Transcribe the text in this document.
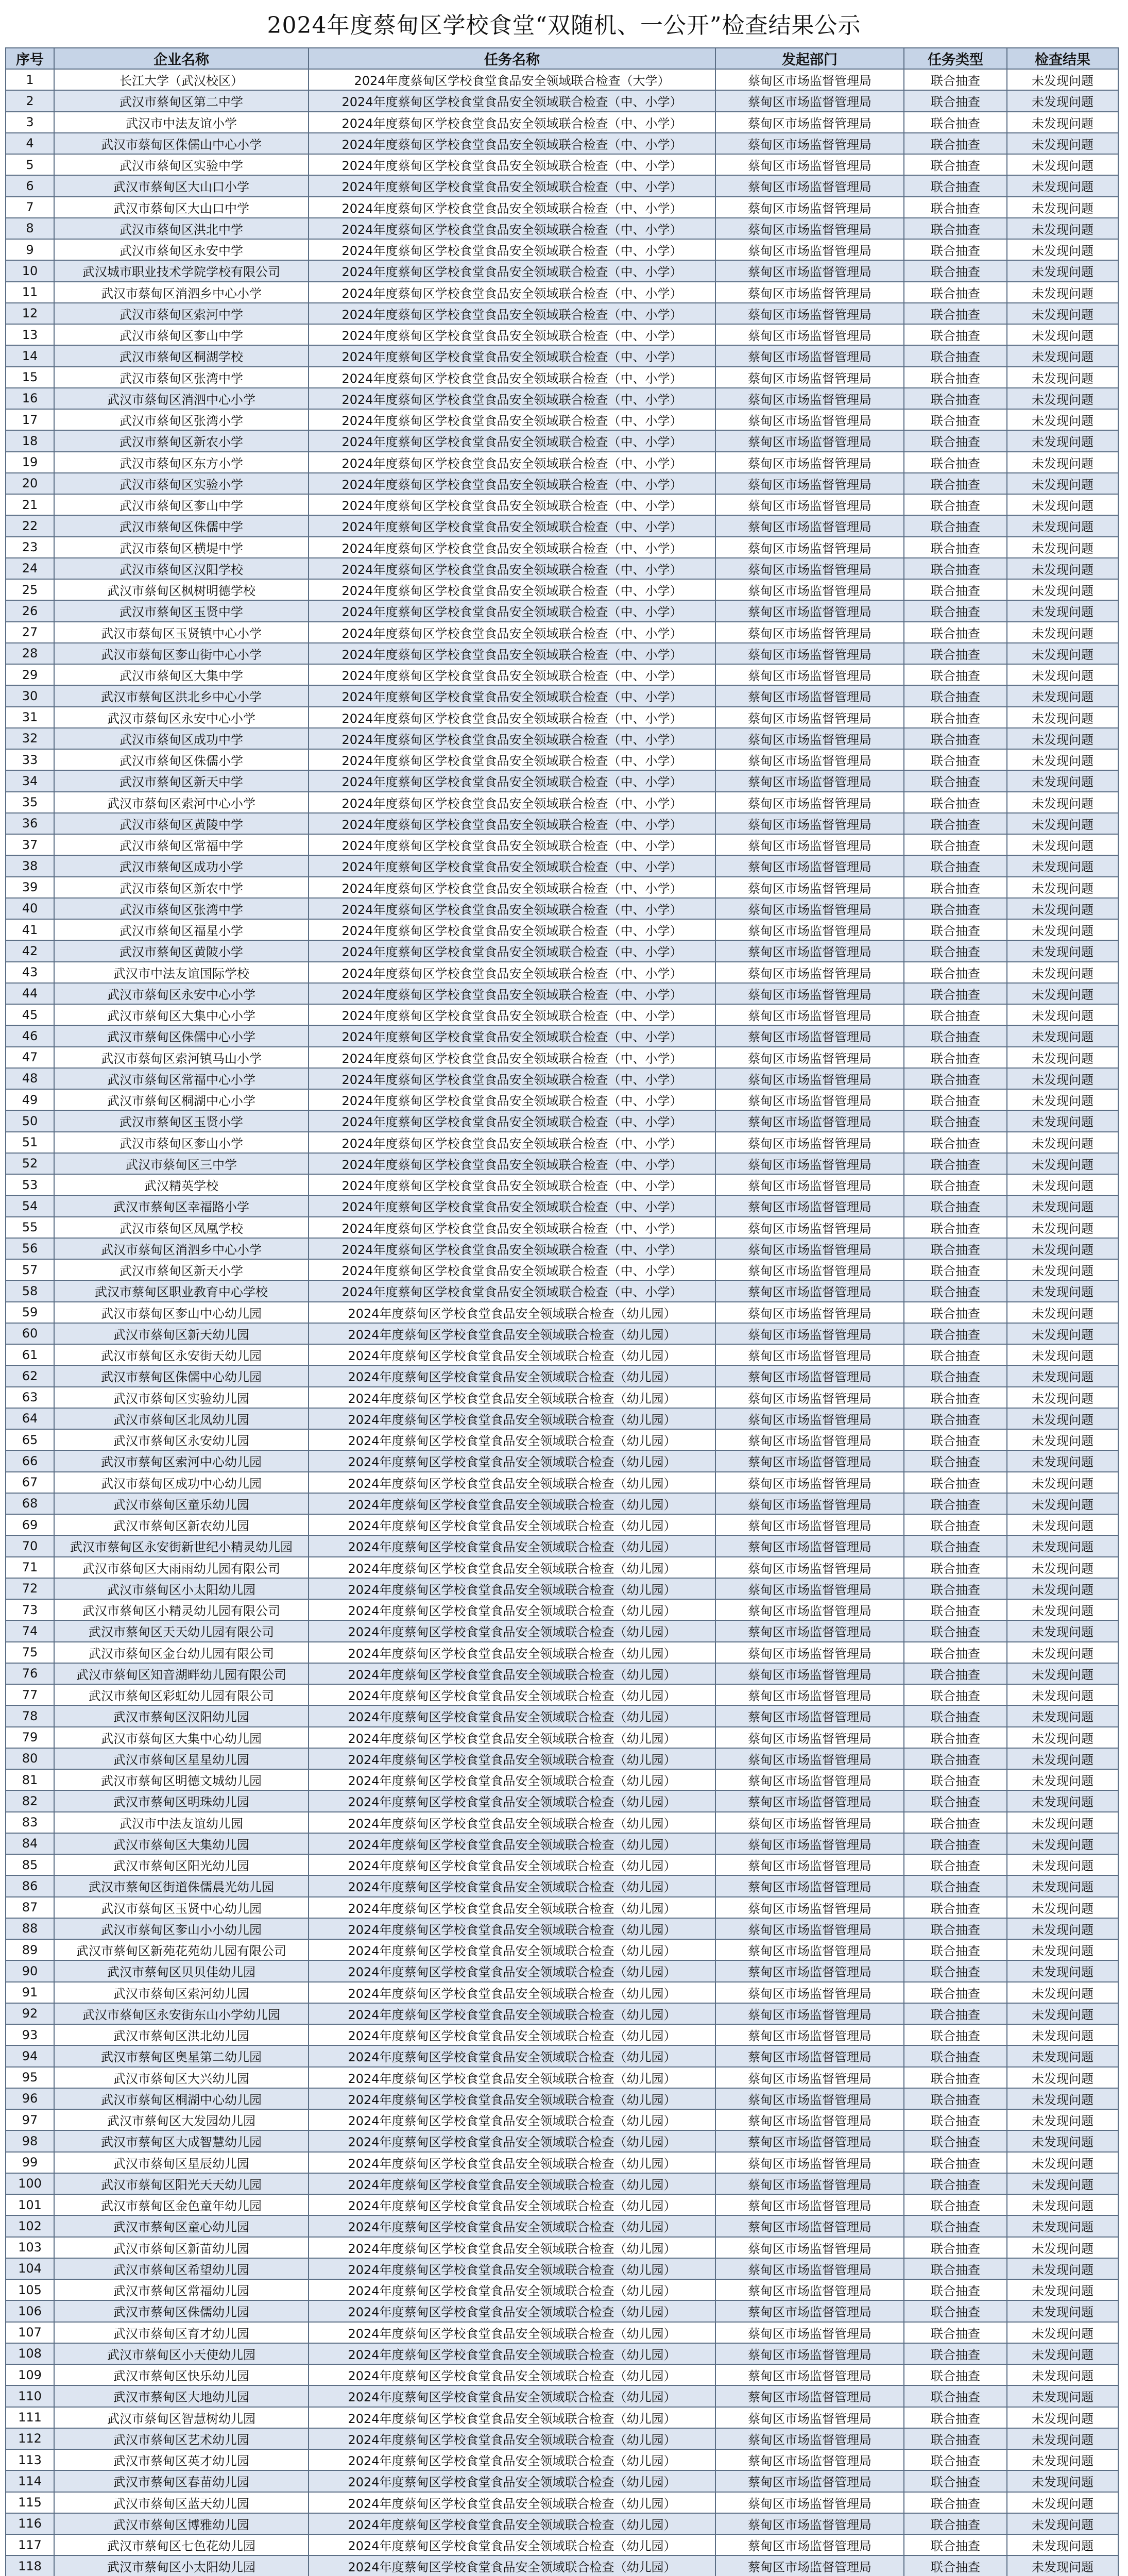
2024年度蔡甸区学校食堂“双随机、一公开”检查结果公示
序号	企业名称	任务名称	发起部门	任务类型	检查结果
1	长江大学（武汉校区）	2024年度蔡甸区学校食堂食品安全领域联合检查（大学）	蔡甸区市场监督管理局	联合抽查	未发现问题
2	武汉市蔡甸区第二中学	2024年度蔡甸区学校食堂食品安全领域联合检查（中、小学）	蔡甸区市场监督管理局	联合抽查	未发现问题
3	武汉市中法友谊小学	2024年度蔡甸区学校食堂食品安全领域联合检查（中、小学）	蔡甸区市场监督管理局	联合抽查	未发现问题
4	武汉市蔡甸区侏儒山中心小学	2024年度蔡甸区学校食堂食品安全领域联合检查（中、小学）	蔡甸区市场监督管理局	联合抽查	未发现问题
5	武汉市蔡甸区实验中学	2024年度蔡甸区学校食堂食品安全领域联合检查（中、小学）	蔡甸区市场监督管理局	联合抽查	未发现问题
6	武汉市蔡甸区大山口小学	2024年度蔡甸区学校食堂食品安全领域联合检查（中、小学）	蔡甸区市场监督管理局	联合抽查	未发现问题
7	武汉市蔡甸区大山口中学	2024年度蔡甸区学校食堂食品安全领域联合检查（中、小学）	蔡甸区市场监督管理局	联合抽查	未发现问题
8	武汉市蔡甸区洪北中学	2024年度蔡甸区学校食堂食品安全领域联合检查（中、小学）	蔡甸区市场监督管理局	联合抽查	未发现问题
9	武汉市蔡甸区永安中学	2024年度蔡甸区学校食堂食品安全领域联合检查（中、小学）	蔡甸区市场监督管理局	联合抽查	未发现问题
10	武汉城市职业技术学院学校有限公司	2024年度蔡甸区学校食堂食品安全领域联合检查（中、小学）	蔡甸区市场监督管理局	联合抽查	未发现问题
11	武汉市蔡甸区消泗乡中心小学	2024年度蔡甸区学校食堂食品安全领域联合检查（中、小学）	蔡甸区市场监督管理局	联合抽查	未发现问题
12	武汉市蔡甸区索河中学	2024年度蔡甸区学校食堂食品安全领域联合检查（中、小学）	蔡甸区市场监督管理局	联合抽查	未发现问题
13	武汉市蔡甸区奓山中学	2024年度蔡甸区学校食堂食品安全领域联合检查（中、小学）	蔡甸区市场监督管理局	联合抽查	未发现问题
14	武汉市蔡甸区桐湖学校	2024年度蔡甸区学校食堂食品安全领域联合检查（中、小学）	蔡甸区市场监督管理局	联合抽查	未发现问题
15	武汉市蔡甸区张湾中学	2024年度蔡甸区学校食堂食品安全领域联合检查（中、小学）	蔡甸区市场监督管理局	联合抽查	未发现问题
16	武汉市蔡甸区消泗中心小学	2024年度蔡甸区学校食堂食品安全领域联合检查（中、小学）	蔡甸区市场监督管理局	联合抽查	未发现问题
17	武汉市蔡甸区张湾小学	2024年度蔡甸区学校食堂食品安全领域联合检查（中、小学）	蔡甸区市场监督管理局	联合抽查	未发现问题
18	武汉市蔡甸区新农小学	2024年度蔡甸区学校食堂食品安全领域联合检查（中、小学）	蔡甸区市场监督管理局	联合抽查	未发现问题
19	武汉市蔡甸区东方小学	2024年度蔡甸区学校食堂食品安全领域联合检查（中、小学）	蔡甸区市场监督管理局	联合抽查	未发现问题
20	武汉市蔡甸区实验小学	2024年度蔡甸区学校食堂食品安全领域联合检查（中、小学）	蔡甸区市场监督管理局	联合抽查	未发现问题
21	武汉市蔡甸区奓山中学	2024年度蔡甸区学校食堂食品安全领域联合检查（中、小学）	蔡甸区市场监督管理局	联合抽查	未发现问题
22	武汉市蔡甸区侏儒中学	2024年度蔡甸区学校食堂食品安全领域联合检查（中、小学）	蔡甸区市场监督管理局	联合抽查	未发现问题
23	武汉市蔡甸区横堤中学	2024年度蔡甸区学校食堂食品安全领域联合检查（中、小学）	蔡甸区市场监督管理局	联合抽查	未发现问题
24	武汉市蔡甸区汉阳学校	2024年度蔡甸区学校食堂食品安全领域联合检查（中、小学）	蔡甸区市场监督管理局	联合抽查	未发现问题
25	武汉市蔡甸区枫树明德学校	2024年度蔡甸区学校食堂食品安全领域联合检查（中、小学）	蔡甸区市场监督管理局	联合抽查	未发现问题
26	武汉市蔡甸区玉贤中学	2024年度蔡甸区学校食堂食品安全领域联合检查（中、小学）	蔡甸区市场监督管理局	联合抽查	未发现问题
27	武汉市蔡甸区玉贤镇中心小学	2024年度蔡甸区学校食堂食品安全领域联合检查（中、小学）	蔡甸区市场监督管理局	联合抽查	未发现问题
28	武汉市蔡甸区奓山街中心小学	2024年度蔡甸区学校食堂食品安全领域联合检查（中、小学）	蔡甸区市场监督管理局	联合抽查	未发现问题
29	武汉市蔡甸区大集中学	2024年度蔡甸区学校食堂食品安全领域联合检查（中、小学）	蔡甸区市场监督管理局	联合抽查	未发现问题
30	武汉市蔡甸区洪北乡中心小学	2024年度蔡甸区学校食堂食品安全领域联合检查（中、小学）	蔡甸区市场监督管理局	联合抽查	未发现问题
31	武汉市蔡甸区永安中心小学	2024年度蔡甸区学校食堂食品安全领域联合检查（中、小学）	蔡甸区市场监督管理局	联合抽查	未发现问题
32	武汉市蔡甸区成功中学	2024年度蔡甸区学校食堂食品安全领域联合检查（中、小学）	蔡甸区市场监督管理局	联合抽查	未发现问题
33	武汉市蔡甸区侏儒小学	2024年度蔡甸区学校食堂食品安全领域联合检查（中、小学）	蔡甸区市场监督管理局	联合抽查	未发现问题
34	武汉市蔡甸区新天中学	2024年度蔡甸区学校食堂食品安全领域联合检查（中、小学）	蔡甸区市场监督管理局	联合抽查	未发现问题
35	武汉市蔡甸区索河中心小学	2024年度蔡甸区学校食堂食品安全领域联合检查（中、小学）	蔡甸区市场监督管理局	联合抽查	未发现问题
36	武汉市蔡甸区黄陵中学	2024年度蔡甸区学校食堂食品安全领域联合检查（中、小学）	蔡甸区市场监督管理局	联合抽查	未发现问题
37	武汉市蔡甸区常福中学	2024年度蔡甸区学校食堂食品安全领域联合检查（中、小学）	蔡甸区市场监督管理局	联合抽查	未发现问题
38	武汉市蔡甸区成功小学	2024年度蔡甸区学校食堂食品安全领域联合检查（中、小学）	蔡甸区市场监督管理局	联合抽查	未发现问题
39	武汉市蔡甸区新农中学	2024年度蔡甸区学校食堂食品安全领域联合检查（中、小学）	蔡甸区市场监督管理局	联合抽查	未发现问题
40	武汉市蔡甸区张湾中学	2024年度蔡甸区学校食堂食品安全领域联合检查（中、小学）	蔡甸区市场监督管理局	联合抽查	未发现问题
41	武汉市蔡甸区福星小学	2024年度蔡甸区学校食堂食品安全领域联合检查（中、小学）	蔡甸区市场监督管理局	联合抽查	未发现问题
42	武汉市蔡甸区黄陂小学	2024年度蔡甸区学校食堂食品安全领域联合检查（中、小学）	蔡甸区市场监督管理局	联合抽查	未发现问题
43	武汉市中法友谊国际学校	2024年度蔡甸区学校食堂食品安全领域联合检查（中、小学）	蔡甸区市场监督管理局	联合抽查	未发现问题
44	武汉市蔡甸区永安中心小学	2024年度蔡甸区学校食堂食品安全领域联合检查（中、小学）	蔡甸区市场监督管理局	联合抽查	未发现问题
45	武汉市蔡甸区大集中心小学	2024年度蔡甸区学校食堂食品安全领域联合检查（中、小学）	蔡甸区市场监督管理局	联合抽查	未发现问题
46	武汉市蔡甸区侏儒中心小学	2024年度蔡甸区学校食堂食品安全领域联合检查（中、小学）	蔡甸区市场监督管理局	联合抽查	未发现问题
47	武汉市蔡甸区索河镇马山小学	2024年度蔡甸区学校食堂食品安全领域联合检查（中、小学）	蔡甸区市场监督管理局	联合抽查	未发现问题
48	武汉市蔡甸区常福中心小学	2024年度蔡甸区学校食堂食品安全领域联合检查（中、小学）	蔡甸区市场监督管理局	联合抽查	未发现问题
49	武汉市蔡甸区桐湖中心小学	2024年度蔡甸区学校食堂食品安全领域联合检查（中、小学）	蔡甸区市场监督管理局	联合抽查	未发现问题
50	武汉市蔡甸区玉贤小学	2024年度蔡甸区学校食堂食品安全领域联合检查（中、小学）	蔡甸区市场监督管理局	联合抽查	未发现问题
51	武汉市蔡甸区奓山小学	2024年度蔡甸区学校食堂食品安全领域联合检查（中、小学）	蔡甸区市场监督管理局	联合抽查	未发现问题
52	武汉市蔡甸区三中学	2024年度蔡甸区学校食堂食品安全领域联合检查（中、小学）	蔡甸区市场监督管理局	联合抽查	未发现问题
53	武汉精英学校	2024年度蔡甸区学校食堂食品安全领域联合检查（中、小学）	蔡甸区市场监督管理局	联合抽查	未发现问题
54	武汉市蔡甸区幸福路小学	2024年度蔡甸区学校食堂食品安全领域联合检查（中、小学）	蔡甸区市场监督管理局	联合抽查	未发现问题
55	武汉市蔡甸区凤凰学校	2024年度蔡甸区学校食堂食品安全领域联合检查（中、小学）	蔡甸区市场监督管理局	联合抽查	未发现问题
56	武汉市蔡甸区消泗乡中心小学	2024年度蔡甸区学校食堂食品安全领域联合检查（中、小学）	蔡甸区市场监督管理局	联合抽查	未发现问题
57	武汉市蔡甸区新天小学	2024年度蔡甸区学校食堂食品安全领域联合检查（中、小学）	蔡甸区市场监督管理局	联合抽查	未发现问题
58	武汉市蔡甸区职业教育中心学校	2024年度蔡甸区学校食堂食品安全领域联合检查（中、小学）	蔡甸区市场监督管理局	联合抽查	未发现问题
59	武汉市蔡甸区奓山中心幼儿园	2024年度蔡甸区学校食堂食品安全领域联合检查（幼儿园）	蔡甸区市场监督管理局	联合抽查	未发现问题
60	武汉市蔡甸区新天幼儿园	2024年度蔡甸区学校食堂食品安全领域联合检查（幼儿园）	蔡甸区市场监督管理局	联合抽查	未发现问题
61	武汉市蔡甸区永安街天幼儿园	2024年度蔡甸区学校食堂食品安全领域联合检查（幼儿园）	蔡甸区市场监督管理局	联合抽查	未发现问题
62	武汉市蔡甸区侏儒中心幼儿园	2024年度蔡甸区学校食堂食品安全领域联合检查（幼儿园）	蔡甸区市场监督管理局	联合抽查	未发现问题
63	武汉市蔡甸区实验幼儿园	2024年度蔡甸区学校食堂食品安全领域联合检查（幼儿园）	蔡甸区市场监督管理局	联合抽查	未发现问题
64	武汉市蔡甸区北凤幼儿园	2024年度蔡甸区学校食堂食品安全领域联合检查（幼儿园）	蔡甸区市场监督管理局	联合抽查	未发现问题
65	武汉市蔡甸区永安幼儿园	2024年度蔡甸区学校食堂食品安全领域联合检查（幼儿园）	蔡甸区市场监督管理局	联合抽查	未发现问题
66	武汉市蔡甸区索河中心幼儿园	2024年度蔡甸区学校食堂食品安全领域联合检查（幼儿园）	蔡甸区市场监督管理局	联合抽查	未发现问题
67	武汉市蔡甸区成功中心幼儿园	2024年度蔡甸区学校食堂食品安全领域联合检查（幼儿园）	蔡甸区市场监督管理局	联合抽查	未发现问题
68	武汉市蔡甸区童乐幼儿园	2024年度蔡甸区学校食堂食品安全领域联合检查（幼儿园）	蔡甸区市场监督管理局	联合抽查	未发现问题
69	武汉市蔡甸区新农幼儿园	2024年度蔡甸区学校食堂食品安全领域联合检查（幼儿园）	蔡甸区市场监督管理局	联合抽查	未发现问题
70	武汉市蔡甸区永安街新世纪小精灵幼儿园	2024年度蔡甸区学校食堂食品安全领域联合检查（幼儿园）	蔡甸区市场监督管理局	联合抽查	未发现问题
71	武汉市蔡甸区大雨雨幼儿园有限公司	2024年度蔡甸区学校食堂食品安全领域联合检查（幼儿园）	蔡甸区市场监督管理局	联合抽查	未发现问题
72	武汉市蔡甸区小太阳幼儿园	2024年度蔡甸区学校食堂食品安全领域联合检查（幼儿园）	蔡甸区市场监督管理局	联合抽查	未发现问题
73	武汉市蔡甸区小精灵幼儿园有限公司	2024年度蔡甸区学校食堂食品安全领域联合检查（幼儿园）	蔡甸区市场监督管理局	联合抽查	未发现问题
74	武汉市蔡甸区天天幼儿园有限公司	2024年度蔡甸区学校食堂食品安全领域联合检查（幼儿园）	蔡甸区市场监督管理局	联合抽查	未发现问题
75	武汉市蔡甸区金台幼儿园有限公司	2024年度蔡甸区学校食堂食品安全领域联合检查（幼儿园）	蔡甸区市场监督管理局	联合抽查	未发现问题
76	武汉市蔡甸区知音湖畔幼儿园有限公司	2024年度蔡甸区学校食堂食品安全领域联合检查（幼儿园）	蔡甸区市场监督管理局	联合抽查	未发现问题
77	武汉市蔡甸区彩虹幼儿园有限公司	2024年度蔡甸区学校食堂食品安全领域联合检查（幼儿园）	蔡甸区市场监督管理局	联合抽查	未发现问题
78	武汉市蔡甸区汉阳幼儿园	2024年度蔡甸区学校食堂食品安全领域联合检查（幼儿园）	蔡甸区市场监督管理局	联合抽查	未发现问题
79	武汉市蔡甸区大集中心幼儿园	2024年度蔡甸区学校食堂食品安全领域联合检查（幼儿园）	蔡甸区市场监督管理局	联合抽查	未发现问题
80	武汉市蔡甸区星星幼儿园	2024年度蔡甸区学校食堂食品安全领域联合检查（幼儿园）	蔡甸区市场监督管理局	联合抽查	未发现问题
81	武汉市蔡甸区明德文城幼儿园	2024年度蔡甸区学校食堂食品安全领域联合检查（幼儿园）	蔡甸区市场监督管理局	联合抽查	未发现问题
82	武汉市蔡甸区明珠幼儿园	2024年度蔡甸区学校食堂食品安全领域联合检查（幼儿园）	蔡甸区市场监督管理局	联合抽查	未发现问题
83	武汉市中法友谊幼儿园	2024年度蔡甸区学校食堂食品安全领域联合检查（幼儿园）	蔡甸区市场监督管理局	联合抽查	未发现问题
84	武汉市蔡甸区大集幼儿园	2024年度蔡甸区学校食堂食品安全领域联合检查（幼儿园）	蔡甸区市场监督管理局	联合抽查	未发现问题
85	武汉市蔡甸区阳光幼儿园	2024年度蔡甸区学校食堂食品安全领域联合检查（幼儿园）	蔡甸区市场监督管理局	联合抽查	未发现问题
86	武汉市蔡甸区街道侏儒晨光幼儿园	2024年度蔡甸区学校食堂食品安全领域联合检查（幼儿园）	蔡甸区市场监督管理局	联合抽查	未发现问题
87	武汉市蔡甸区玉贤中心幼儿园	2024年度蔡甸区学校食堂食品安全领域联合检查（幼儿园）	蔡甸区市场监督管理局	联合抽查	未发现问题
88	武汉市蔡甸区奓山小小幼儿园	2024年度蔡甸区学校食堂食品安全领域联合检查（幼儿园）	蔡甸区市场监督管理局	联合抽查	未发现问题
89	武汉市蔡甸区新苑花苑幼儿园有限公司	2024年度蔡甸区学校食堂食品安全领域联合检查（幼儿园）	蔡甸区市场监督管理局	联合抽查	未发现问题
90	武汉市蔡甸区贝贝佳幼儿园	2024年度蔡甸区学校食堂食品安全领域联合检查（幼儿园）	蔡甸区市场监督管理局	联合抽查	未发现问题
91	武汉市蔡甸区索河幼儿园	2024年度蔡甸区学校食堂食品安全领域联合检查（幼儿园）	蔡甸区市场监督管理局	联合抽查	未发现问题
92	武汉市蔡甸区永安街东山小学幼儿园	2024年度蔡甸区学校食堂食品安全领域联合检查（幼儿园）	蔡甸区市场监督管理局	联合抽查	未发现问题
93	武汉市蔡甸区洪北幼儿园	2024年度蔡甸区学校食堂食品安全领域联合检查（幼儿园）	蔡甸区市场监督管理局	联合抽查	未发现问题
94	武汉市蔡甸区奥星第二幼儿园	2024年度蔡甸区学校食堂食品安全领域联合检查（幼儿园）	蔡甸区市场监督管理局	联合抽查	未发现问题
95	武汉市蔡甸区大兴幼儿园	2024年度蔡甸区学校食堂食品安全领域联合检查（幼儿园）	蔡甸区市场监督管理局	联合抽查	未发现问题
96	武汉市蔡甸区桐湖中心幼儿园	2024年度蔡甸区学校食堂食品安全领域联合检查（幼儿园）	蔡甸区市场监督管理局	联合抽查	未发现问题
97	武汉市蔡甸区大发园幼儿园	2024年度蔡甸区学校食堂食品安全领域联合检查（幼儿园）	蔡甸区市场监督管理局	联合抽查	未发现问题
98	武汉市蔡甸区大成智慧幼儿园	2024年度蔡甸区学校食堂食品安全领域联合检查（幼儿园）	蔡甸区市场监督管理局	联合抽查	未发现问题
99	武汉市蔡甸区星辰幼儿园	2024年度蔡甸区学校食堂食品安全领域联合检查（幼儿园）	蔡甸区市场监督管理局	联合抽查	未发现问题
100	武汉市蔡甸区阳光天天幼儿园	2024年度蔡甸区学校食堂食品安全领域联合检查（幼儿园）	蔡甸区市场监督管理局	联合抽查	未发现问题
101	武汉市蔡甸区金色童年幼儿园	2024年度蔡甸区学校食堂食品安全领域联合检查（幼儿园）	蔡甸区市场监督管理局	联合抽查	未发现问题
102	武汉市蔡甸区童心幼儿园	2024年度蔡甸区学校食堂食品安全领域联合检查（幼儿园）	蔡甸区市场监督管理局	联合抽查	未发现问题
103	武汉市蔡甸区新苗幼儿园	2024年度蔡甸区学校食堂食品安全领域联合检查（幼儿园）	蔡甸区市场监督管理局	联合抽查	未发现问题
104	武汉市蔡甸区希望幼儿园	2024年度蔡甸区学校食堂食品安全领域联合检查（幼儿园）	蔡甸区市场监督管理局	联合抽查	未发现问题
105	武汉市蔡甸区常福幼儿园	2024年度蔡甸区学校食堂食品安全领域联合检查（幼儿园）	蔡甸区市场监督管理局	联合抽查	未发现问题
106	武汉市蔡甸区侏儒幼儿园	2024年度蔡甸区学校食堂食品安全领域联合检查（幼儿园）	蔡甸区市场监督管理局	联合抽查	未发现问题
107	武汉市蔡甸区育才幼儿园	2024年度蔡甸区学校食堂食品安全领域联合检查（幼儿园）	蔡甸区市场监督管理局	联合抽查	未发现问题
108	武汉市蔡甸区小天使幼儿园	2024年度蔡甸区学校食堂食品安全领域联合检查（幼儿园）	蔡甸区市场监督管理局	联合抽查	未发现问题
109	武汉市蔡甸区快乐幼儿园	2024年度蔡甸区学校食堂食品安全领域联合检查（幼儿园）	蔡甸区市场监督管理局	联合抽查	未发现问题
110	武汉市蔡甸区大地幼儿园	2024年度蔡甸区学校食堂食品安全领域联合检查（幼儿园）	蔡甸区市场监督管理局	联合抽查	未发现问题
111	武汉市蔡甸区智慧树幼儿园	2024年度蔡甸区学校食堂食品安全领域联合检查（幼儿园）	蔡甸区市场监督管理局	联合抽查	未发现问题
112	武汉市蔡甸区艺术幼儿园	2024年度蔡甸区学校食堂食品安全领域联合检查（幼儿园）	蔡甸区市场监督管理局	联合抽查	未发现问题
113	武汉市蔡甸区英才幼儿园	2024年度蔡甸区学校食堂食品安全领域联合检查（幼儿园）	蔡甸区市场监督管理局	联合抽查	未发现问题
114	武汉市蔡甸区春苗幼儿园	2024年度蔡甸区学校食堂食品安全领域联合检查（幼儿园）	蔡甸区市场监督管理局	联合抽查	未发现问题
115	武汉市蔡甸区蓝天幼儿园	2024年度蔡甸区学校食堂食品安全领域联合检查（幼儿园）	蔡甸区市场监督管理局	联合抽查	未发现问题
116	武汉市蔡甸区博雅幼儿园	2024年度蔡甸区学校食堂食品安全领域联合检查（幼儿园）	蔡甸区市场监督管理局	联合抽查	未发现问题
117	武汉市蔡甸区七色花幼儿园	2024年度蔡甸区学校食堂食品安全领域联合检查（幼儿园）	蔡甸区市场监督管理局	联合抽查	未发现问题
118	武汉市蔡甸区小太阳幼儿园	2024年度蔡甸区学校食堂食品安全领域联合检查（幼儿园）	蔡甸区市场监督管理局	联合抽查	未发现问题
